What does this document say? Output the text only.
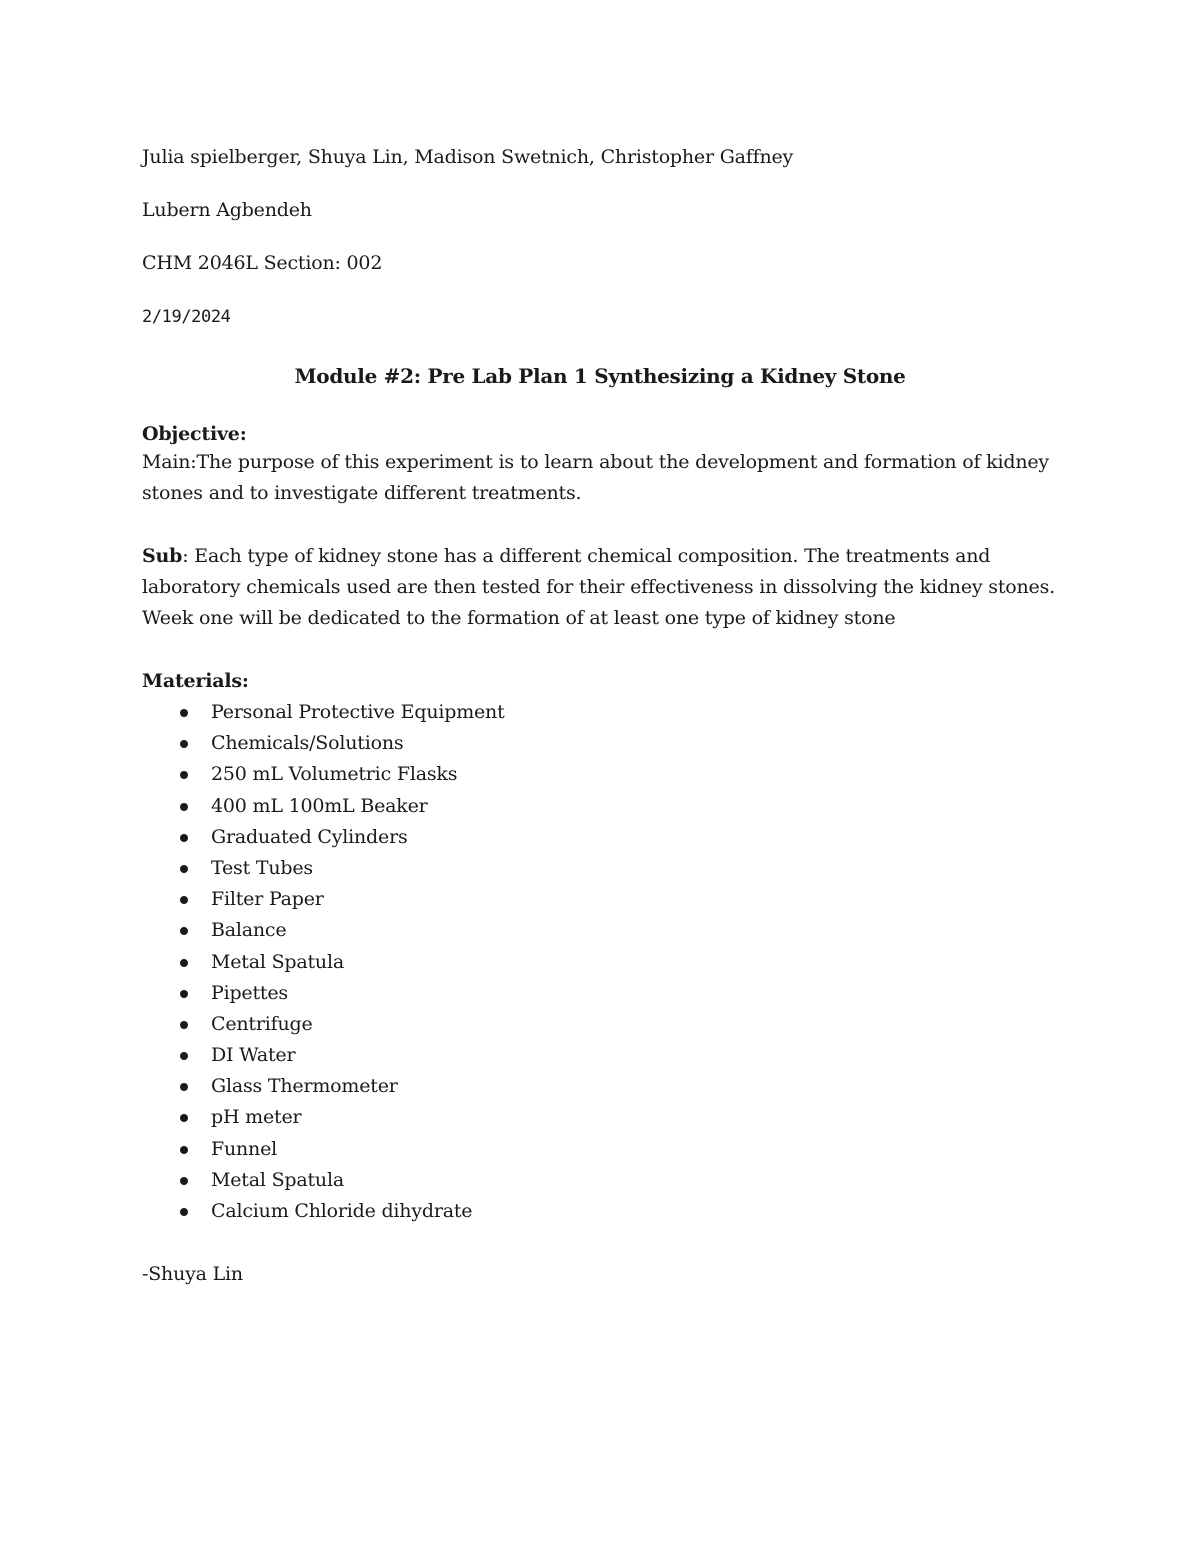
Julia spielberger, Shuya Lin, Madison Swetnich, Christopher Gaffney
Lubern Agbendeh
CHM 2046L Section: 002
2/19/2024
Module #2: Pre Lab Plan 1 Synthesizing a Kidney Stone
Objective:
Main:The purpose of this experiment is to learn about the development and formation of kidney stones and to investigate different treatments.
Sub: Each type of kidney stone has a different chemical composition. The treatments and laboratory chemicals used are then tested for their effectiveness in dissolving the kidney stones. Week one will be dedicated to the formation of at least one type of kidney stone
Materials:
Personal Protective Equipment
Chemicals/Solutions
250 mL Volumetric Flasks
400 mL 100mL Beaker
Graduated Cylinders
Test Tubes
Filter Paper
Balance
Metal Spatula
Pipettes
Centrifuge
DI Water
Glass Thermometer
pH meter
Funnel
Metal Spatula
Calcium Chloride dihydrate
-Shuya Lin
